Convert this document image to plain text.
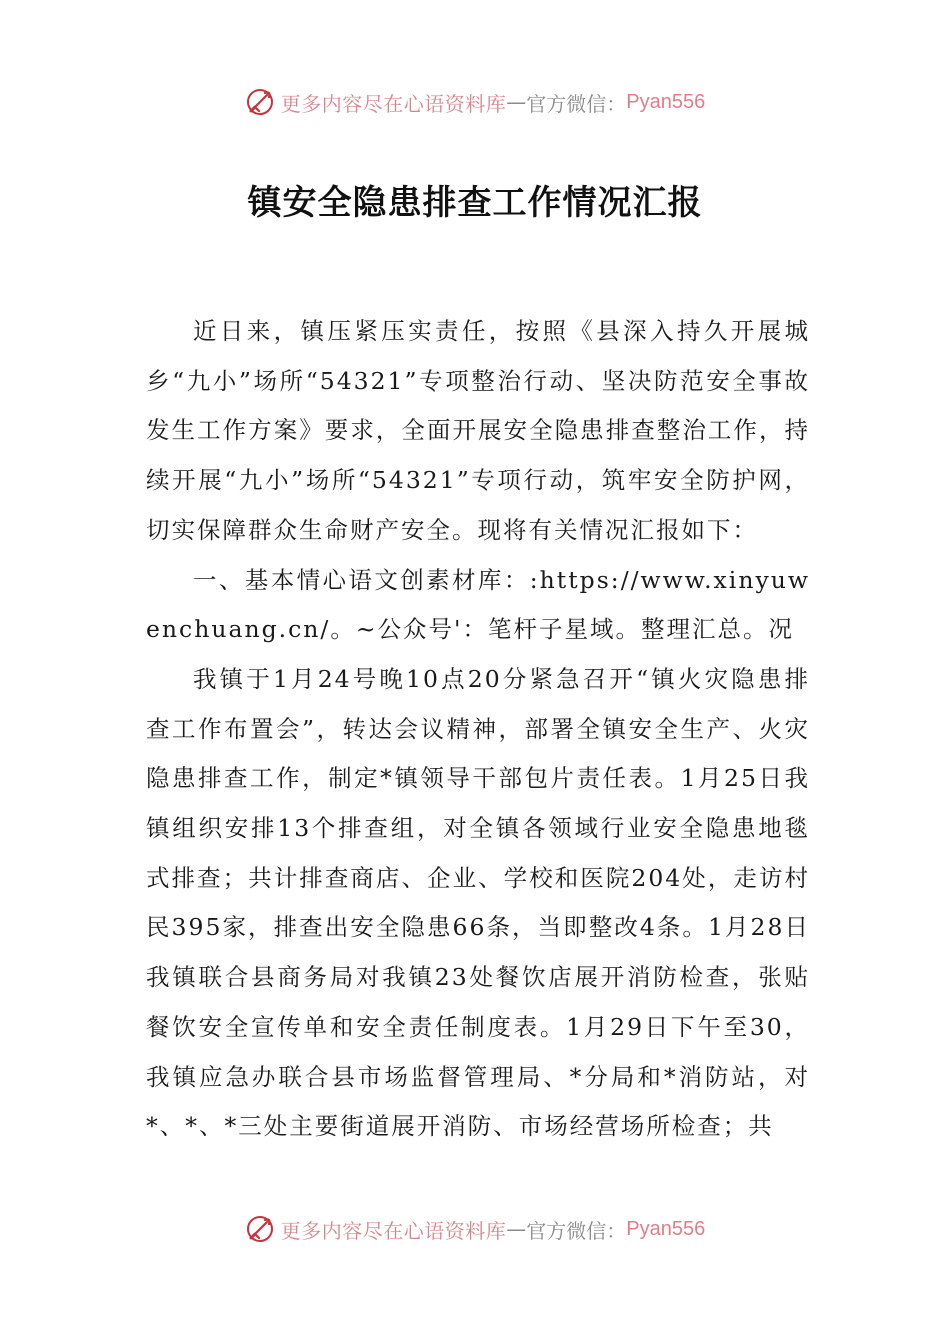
更多内容尽在心语资料库 — 官方微信： Pyan556
镇安全隐患排查工作情况汇报

近日来，镇压紧压实责任，按照《县深入持久开展城乡“九小”场所“54321”专项整治行动、坚决防范安全事故发生工作方案》要求，全面开展安全隐患排查整治工作，持续开展“九小”场所“54321”专项行动，筑牢安全防护网，切实保障群众生命财产安全。现将有关情况汇报如下：

一、基本情心语文创素材库：:https://www.xinyuwenchuang.cn/。~公众号'：笔杆子星域。整理汇总。况

我镇于1月24号晚10点20分紧急召开“镇火灾隐患排查工作布置会”，转达会议精神，部署全镇安全生产、火灾隐患排查工作，制定*镇领导干部包片责任表。1月25日我镇组织安排13个排查组，对全镇各领域行业安全隐患地毯式排查；共计排查商店、企业、学校和医院204处，走访村民395家，排查出安全隐患66条，当即整改4条。1月28日我镇联合县商务局对我镇23处餐饮店展开消防检查，张贴餐饮安全宣传单和安全责任制度表。1月29日下午至30，我镇应急办联合县市场监督管理局、*分局和*消防站，对*、*、*三处主要街道展开消防、市场经营场所检查；共

更多内容尽在心语资料库 — 官方微信： Pyan556
